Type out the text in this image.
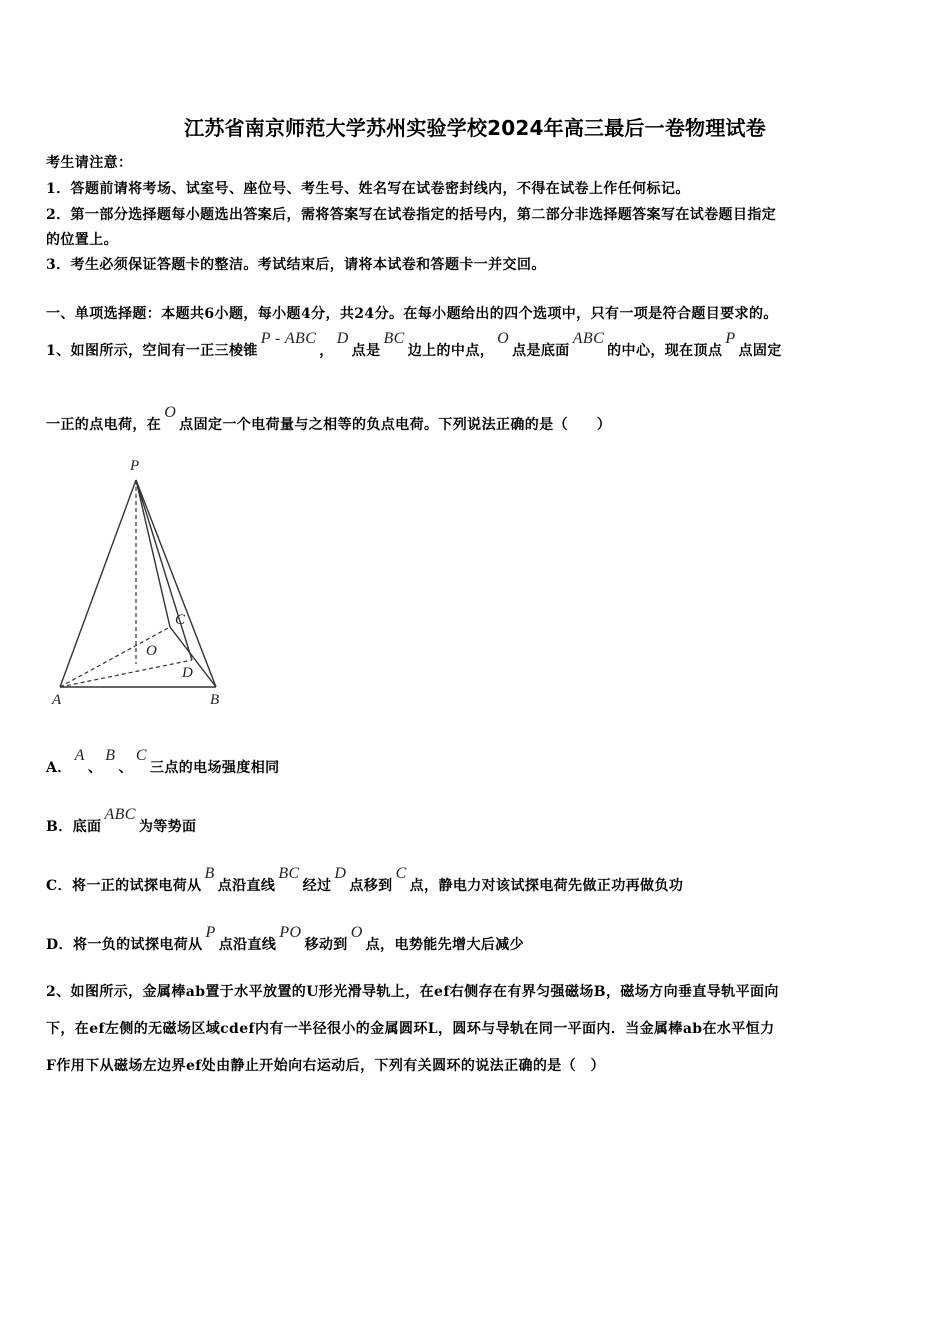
江苏省南京师范大学苏州实验学校2024年高三最后一卷物理试卷
考生请注意：
1．答题前请将考场、试室号、座位号、考生号、姓名写在试卷密封线内，不得在试卷上作任何标记。
2．第一部分选择题每小题选出答案后，需将答案写在试卷指定的括号内，第二部分非选择题答案写在试卷题目指定
的位置上。
3．考生必须保证答题卡的整洁。考试结束后，请将本试卷和答题卡一并交回。
一、单项选择题：本题共6小题，每小题4分，共24分。在每小题给出的四个选项中，只有一项是符合题目要求的。
1、如图所示，空间有一正三棱锥P - ABC，D点是BC边上的中点，O点是底面ABC的中心，现在顶点P点固定
一正的点电荷，在O点固定一个电荷量与之相等的负点电荷。下列说法正确的是（　　）
P
A	B
C
O
D
A．A、B、C三点的电场强度相同
B．底面ABC为等势面
C．将一正的试探电荷从B点沿直线BC经过D点移到C点，静电力对该试探电荷先做正功再做负功
D．将一负的试探电荷从P点沿直线PO移动到O点，电势能先增大后减少
2、如图所示，金属棒ab置于水平放置的U形光滑导轨上，在ef右侧存在有界匀强磁场B，磁场方向垂直导轨平面向
下，在ef左侧的无磁场区域cdef内有一半径很小的金属圆环L，圆环与导轨在同一平面内．当金属棒ab在水平恒力
F作用下从磁场左边界ef处由静止开始向右运动后，下列有关圆环的说法正确的是（　）
